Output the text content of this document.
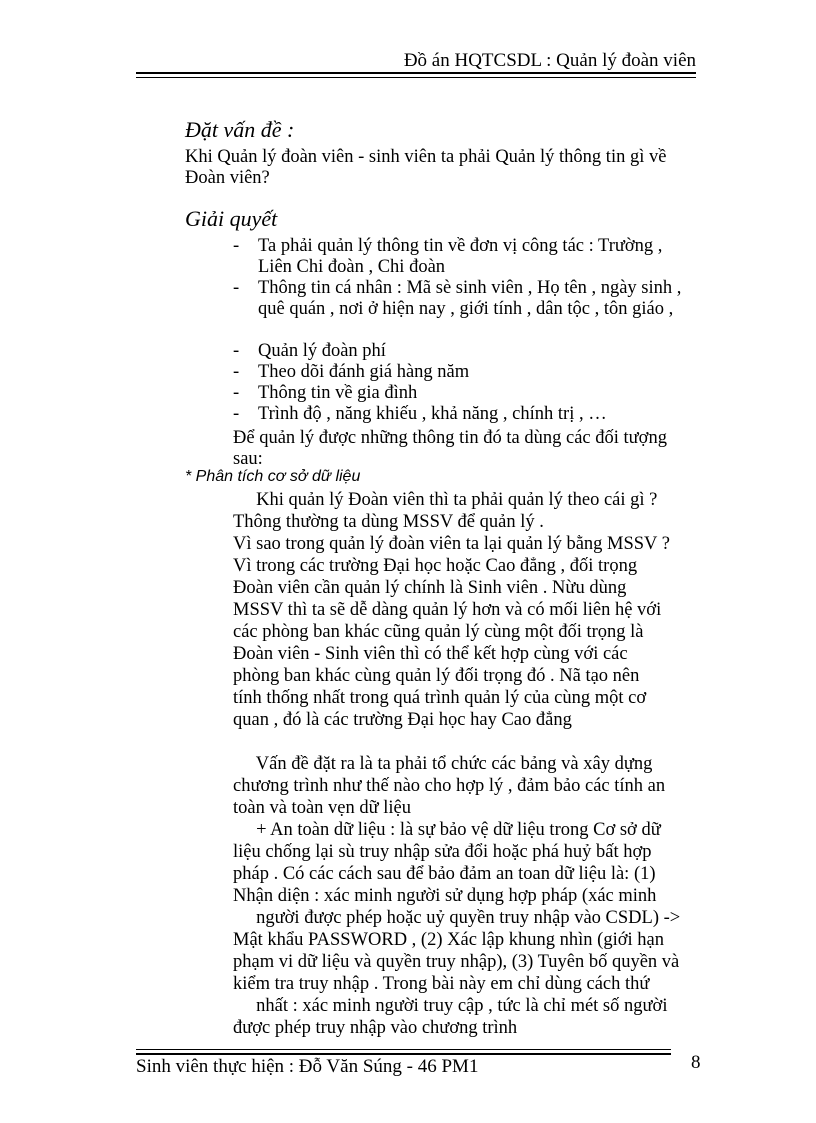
Đồ án HQTCSDL : Quản lý đoàn viên
Đặt vấn đề :
Khi Quản lý đoàn viên - sinh viên ta phải Quản lý thông tin gì về
Đoàn viên?
Giải quyết
- Ta phải quản lý thông tin về đơn vị công tác : Trường , Liên Chi đoàn , Chi đoàn
- Thông tin cá nhân : Mã sè sinh viên , Họ tên , ngày sinh , quê quán , nơi ở hiện nay , giới tính , dân tộc , tôn giáo ,
- Quản lý đoàn phí
- Theo dõi đánh giá hàng năm
- Thông tin về gia đình
- Trình độ , năng khiếu , khả năng , chính trị , …
Để quản lý được những thông tin đó ta dùng các đối tượng
sau:
* Phân tích cơ sở dữ liệu
Khi quản lý Đoàn viên thì ta phải quản lý theo cái gì ?
Thông thường ta dùng MSSV để quản lý .
Vì sao trong quản lý đoàn viên ta lại quản lý bằng MSSV ?
Vì trong các trường Đại học hoặc Cao đẳng , đối trọng
Đoàn viên cần quản lý chính là Sinh viên . Nừu dùng
MSSV thì ta sẽ dễ dàng quản lý hơn và có mối liên hệ với
các phòng ban khác cũng quản lý cùng một đối trọng là
Đoàn viên - Sinh viên thì có thể kết hợp cùng với các
phòng ban khác cùng quản lý đối trọng đó . Nã tạo nên
tính thống nhất trong quá trình quản lý của cùng một cơ
quan , đó là các trường Đại học hay Cao đẳng
Vấn đề đặt ra là ta phải tổ chức các bảng và xây dựng
chương trình như thế nào cho hợp lý , đảm bảo các tính an
toàn và toàn vẹn dữ liệu
+ An toàn dữ liệu : là sự bảo vệ dữ liệu trong Cơ sở dữ
liệu chống lại sù truy nhập sửa đổi hoặc phá huỷ bất hợp
pháp . Có các cách sau để bảo đảm an toan dữ liệu là: (1)
Nhận diện : xác minh người sử dụng hợp pháp (xác minh
người được phép hoặc uỷ quyền truy nhập vào CSDL) ->
Mật khẩu PASSWORD , (2) Xác lập khung nhìn (giới hạn
phạm vi dữ liệu và quyền truy nhập), (3) Tuyên bố quyền và
kiểm tra truy nhập . Trong bài này em chỉ dùng cách thứ
nhất : xác minh người truy cập , tức là chỉ mét số người
được phép truy nhập vào chương trình
Sinh viên thực hiện : Đỗ Văn Súng - 46 PM1	8
